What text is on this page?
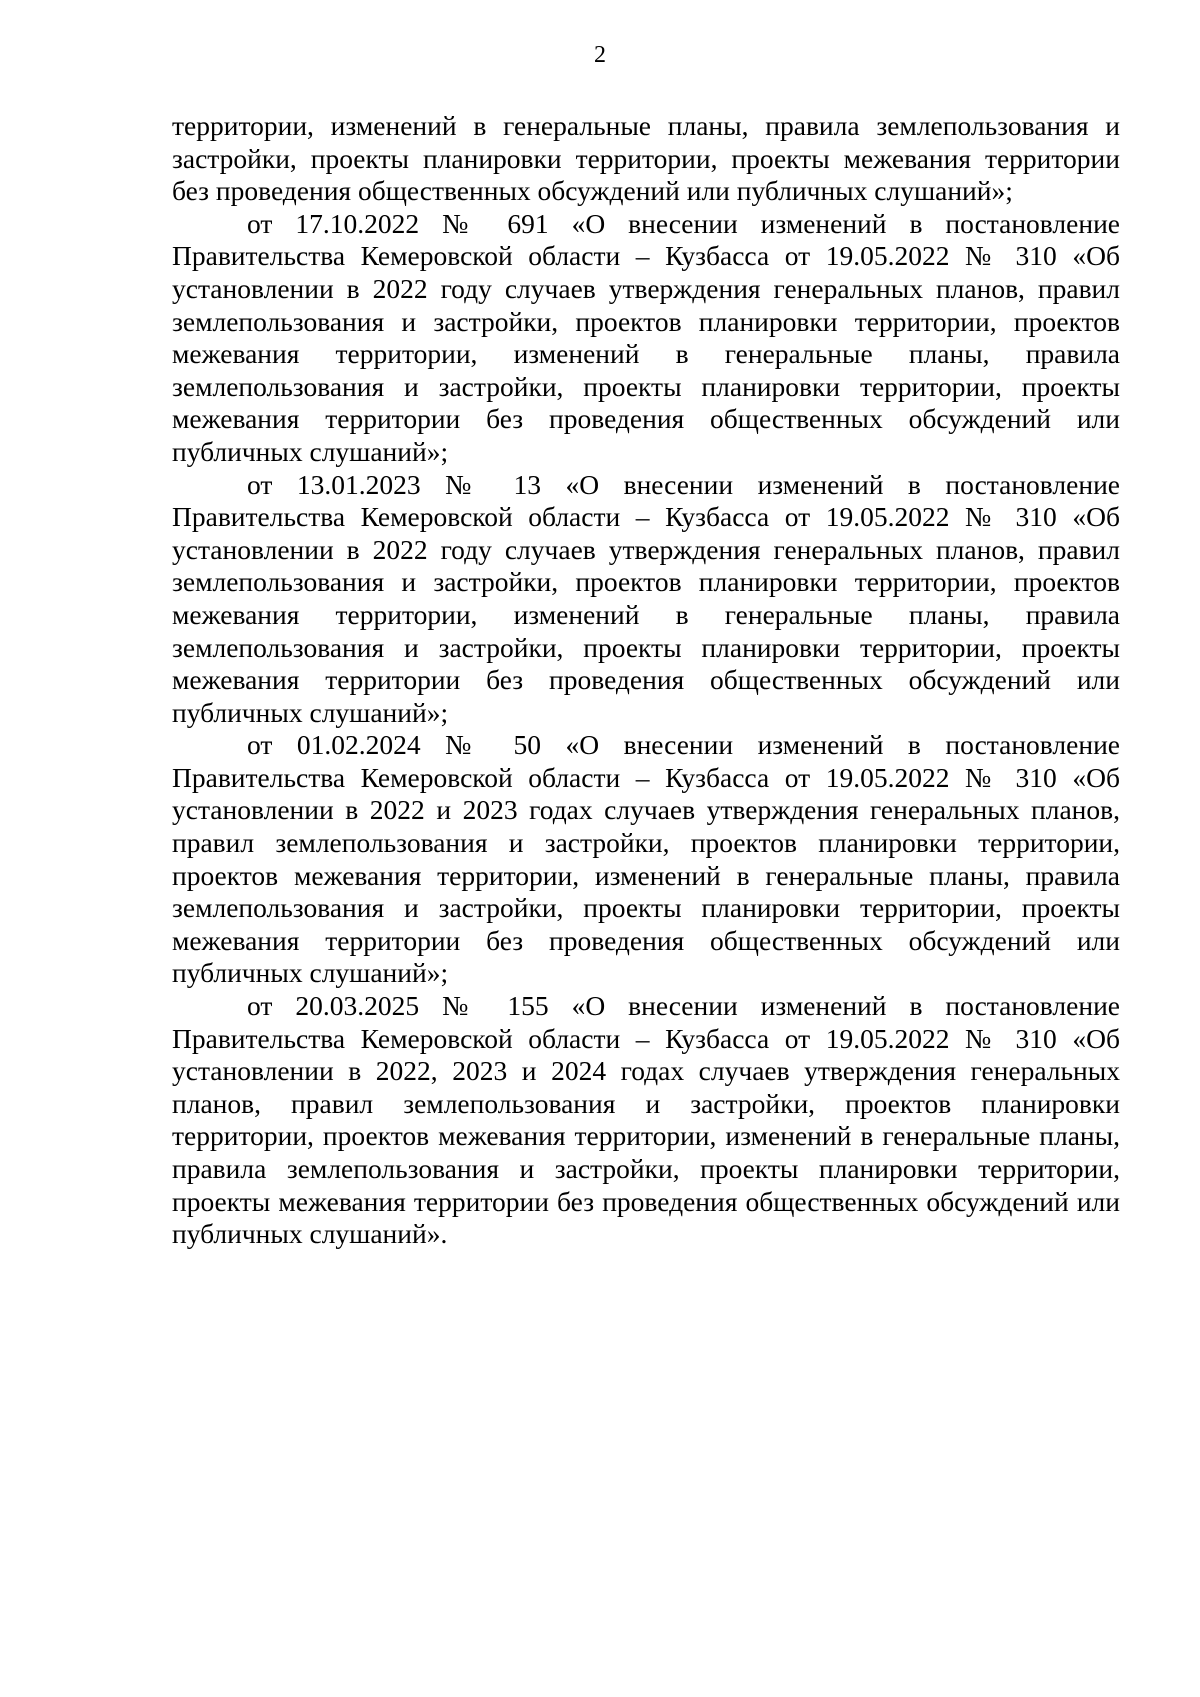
2

территории, изменений в генеральные планы, правила землепользования и застройки, проекты планировки территории, проекты межевания территории без проведения общественных обсуждений или публичных слушаний»;

от 17.10.2022 № 691 «О внесении изменений в постановление Правительства Кемеровской области – Кузбасса от 19.05.2022 № 310 «Об установлении в 2022 году случаев утверждения генеральных планов, правил землепользования и застройки, проектов планировки территории, проектов межевания территории, изменений в генеральные планы, правила землепользования и застройки, проекты планировки территории, проекты межевания территории без проведения общественных обсуждений или публичных слушаний»;

от 13.01.2023 № 13 «О внесении изменений в постановление Правительства Кемеровской области – Кузбасса от 19.05.2022 № 310 «Об установлении в 2022 году случаев утверждения генеральных планов, правил землепользования и застройки, проектов планировки территории, проектов межевания территории, изменений в генеральные планы, правила землепользования и застройки, проекты планировки территории, проекты межевания территории без проведения общественных обсуждений или публичных слушаний»;

от 01.02.2024 № 50 «О внесении изменений в постановление Правительства Кемеровской области – Кузбасса от 19.05.2022 № 310 «Об установлении в 2022 и 2023 годах случаев утверждения генеральных планов, правил землепользования и застройки, проектов планировки территории, проектов межевания территории, изменений в генеральные планы, правила землепользования и застройки, проекты планировки территории, проекты межевания территории без проведения общественных обсуждений или публичных слушаний»;

от 20.03.2025 № 155 «О внесении изменений в постановление Правительства Кемеровской области – Кузбасса от 19.05.2022 № 310 «Об установлении в 2022, 2023 и 2024 годах случаев утверждения генеральных планов, правил землепользования и застройки, проектов планировки территории, проектов межевания территории, изменений в генеральные планы, правила землепользования и застройки, проекты планировки территории, проекты межевания территории без проведения общественных обсуждений или публичных слушаний».
